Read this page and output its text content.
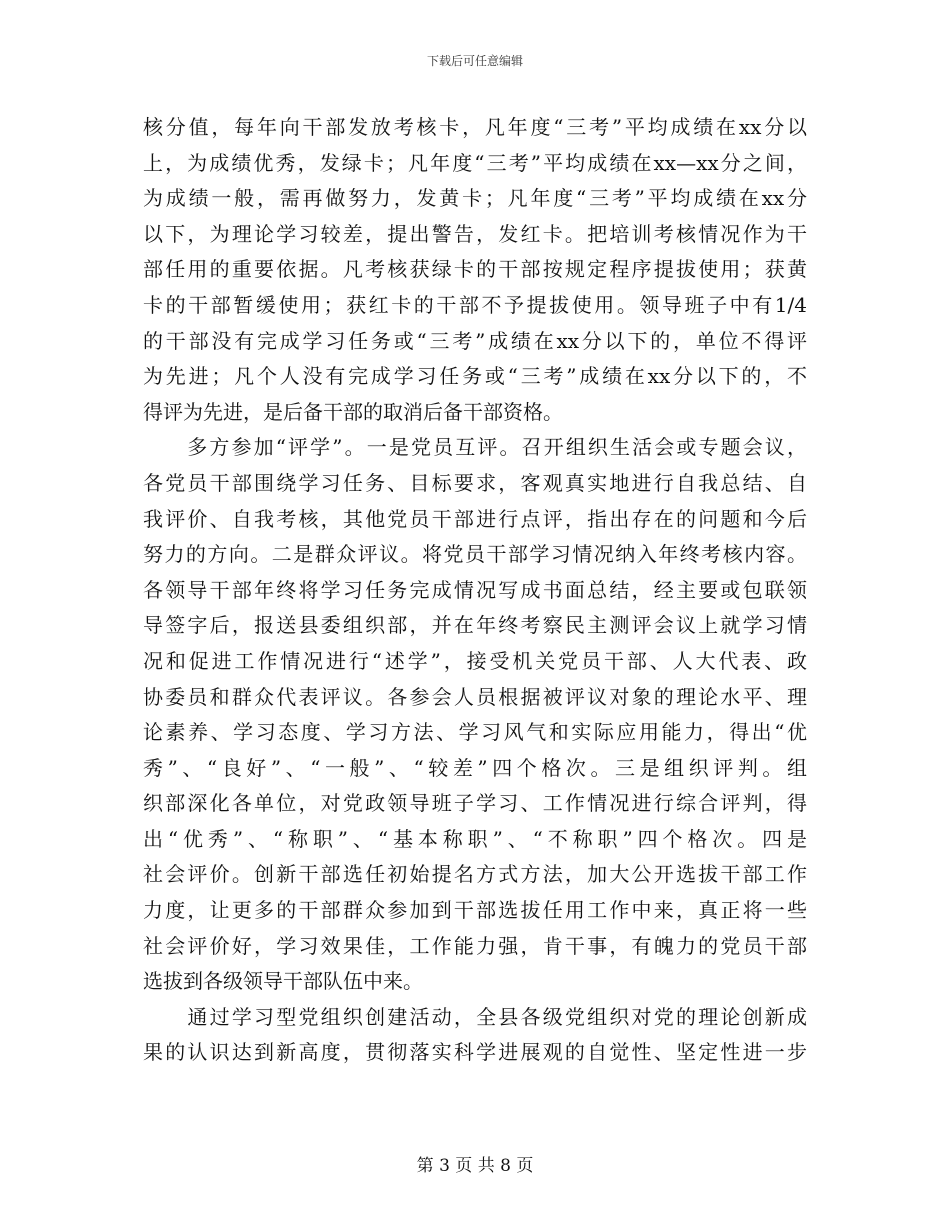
下载后可任意编辑
核分值，每年向干部发放考核卡，凡年度“三考”平均成绩在xx分以
上，为成绩优秀，发绿卡；凡年度“三考”平均成绩在xx—xx分之间，
为成绩一般，需再做努力，发黄卡；凡年度“三考”平均成绩在xx分
以下，为理论学习较差，提出警告，发红卡。把培训考核情况作为干
部任用的重要依据。凡考核获绿卡的干部按规定程序提拔使用；获黄
卡的干部暂缓使用；获红卡的干部不予提拔使用。领导班子中有1/4
的干部没有完成学习任务或“三考”成绩在xx分以下的，单位不得评
为先进；凡个人没有完成学习任务或“三考”成绩在xx分以下的，不
得评为先进，是后备干部的取消后备干部资格。
　　多方参加“评学”。一是党员互评。召开组织生活会或专题会议，
各党员干部围绕学习任务、目标要求，客观真实地进行自我总结、自
我评价、自我考核，其他党员干部进行点评，指出存在的问题和今后
努力的方向。二是群众评议。将党员干部学习情况纳入年终考核内容。
各领导干部年终将学习任务完成情况写成书面总结，经主要或包联领
导签字后，报送县委组织部，并在年终考察民主测评会议上就学习情
况和促进工作情况进行“述学”，接受机关党员干部、人大代表、政
协委员和群众代表评议。各参会人员根据被评议对象的理论水平、理
论素养、学习态度、学习方法、学习风气和实际应用能力，得出“优
秀”、“良好”、“一般”、“较差”四个格次。三是组织评判。组
织部深化各单位，对党政领导班子学习、工作情况进行综合评判，得
出“优秀”、“称职”、“基本称职”、“不称职”四个格次。四是
社会评价。创新干部选任初始提名方式方法，加大公开选拔干部工作
力度，让更多的干部群众参加到干部选拔任用工作中来，真正将一些
社会评价好，学习效果佳，工作能力强，肯干事，有魄力的党员干部
选拔到各级领导干部队伍中来。
　　通过学习型党组织创建活动，全县各级党组织对党的理论创新成
果的认识达到新高度，贯彻落实科学进展观的自觉性、坚定性进一步
第 3 页 共 8 页
